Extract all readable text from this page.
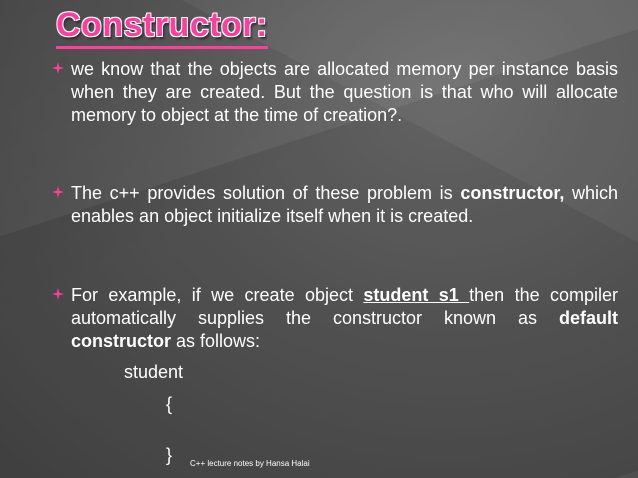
Constructor:

we know that the objects are allocated memory per instance basis when they are created. But the question is that who will allocate memory to object at the time of creation?.

The c++ provides solution of these problem is constructor, which enables an object initialize itself when it is created.

For example, if we create object student s1 then the compiler automatically supplies the constructor known as default constructor as follows:

student
{
} C++ lecture notes by Hansa Halai
